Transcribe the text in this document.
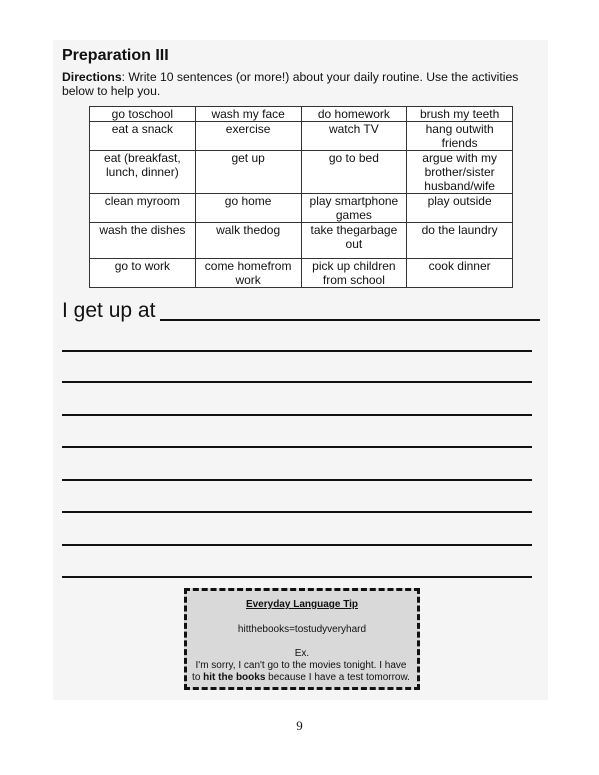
Preparation III

Directions: Write 10 sentences (or more!) about your daily routine. Use the activities below to help you.

go toschool	wash my face	do homework	brush my teeth
eat a snack	exercise	watch TV	hang outwith friends
eat (breakfast, lunch, dinner)	get up	go to bed	argue with my brother/sister husband/wife
clean myroom	go home	play smartphone games	play outside
wash the dishes	walk thedog	take thegarbage out	do the laundry
go to work	come homefrom work	pick up children from school	cook dinner
I get up at
Everyday Language Tip
hitthebooks=tostudyveryhard
Ex.
I'm sorry, I can't go to the movies tonight. I have
to hit the books because I have a test tomorrow.
9
